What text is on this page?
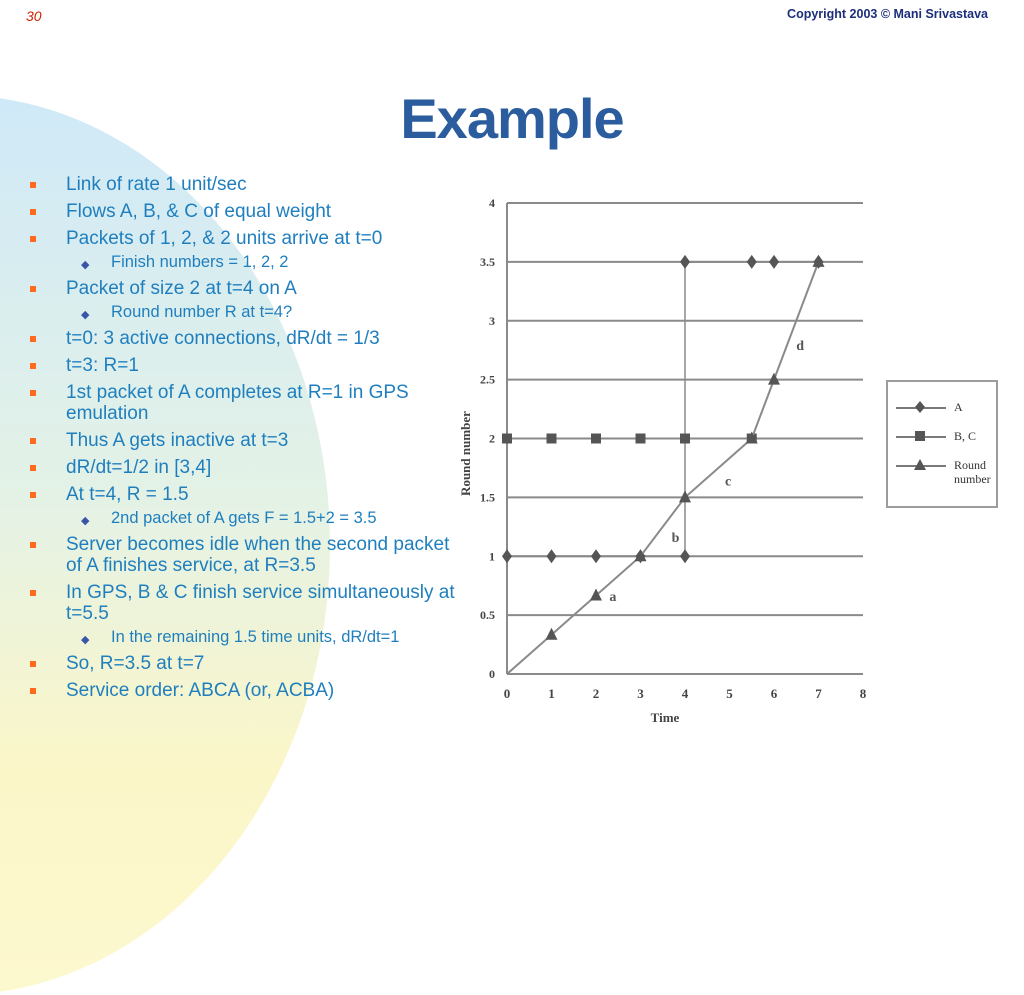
30	Copyright 2003 © Mani Srivastava
Example
Link of rate 1 unit/sec
Flows A, B, & C of equal weight
Packets of 1, 2, & 2 units arrive at t=0
◆ Finish numbers = 1, 2, 2
Packet of size 2 at t=4 on A
◆ Round number R at t=4?
t=0: 3 active connections, dR/dt = 1/3
t=3: R=1
1st packet of A completes at R=1 in GPS emulation
Thus A gets inactive at t=3
dR/dt=1/2 in [3,4]
At t=4, R = 1.5
◆ 2nd packet of A gets F = 1.5+2 = 3.5
Server becomes idle when the second packet of A finishes service, at R=3.5
In GPS, B & C finish service simultaneously at t=5.5
◆ In the remaining 1.5 time units, dR/dt=1
So, R=3.5 at t=7
Service order: ABCA (or, ACBA)
0
0.5
1
1.5
2
2.5
3
3.5
4
0	1	2	3	4	5	6	7	8
Time
Round number
a
b
c
d
A
B, C
Round number
